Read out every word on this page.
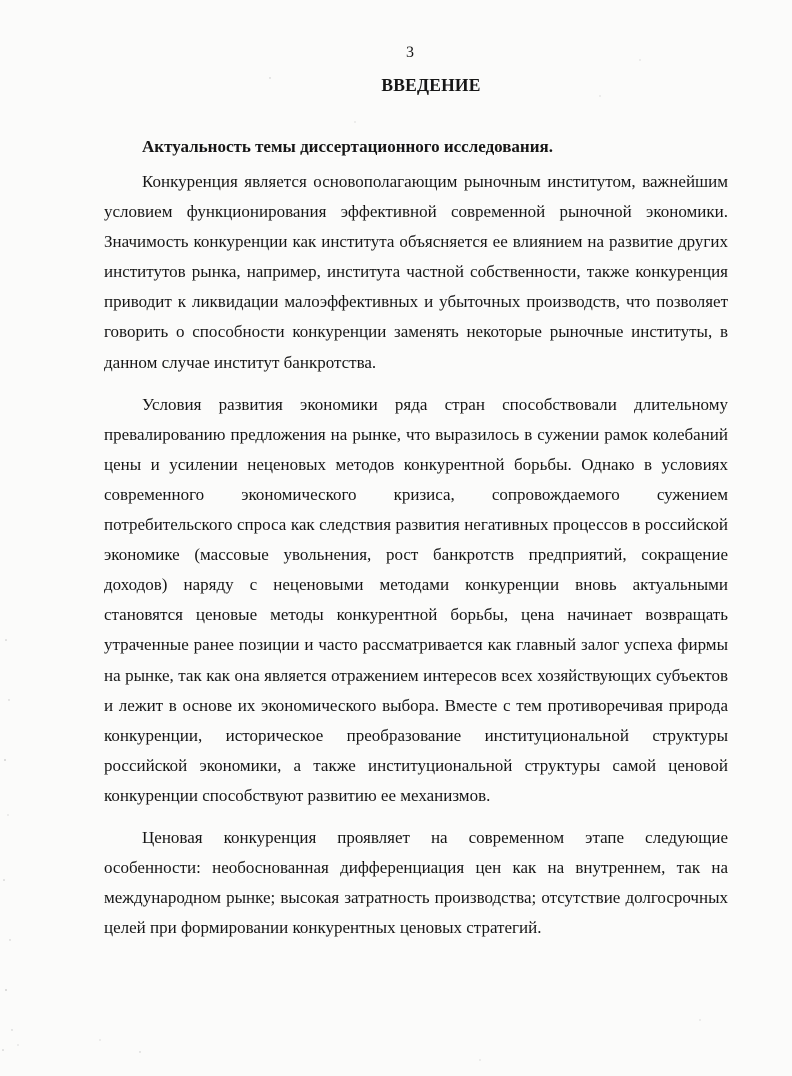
3
ВВЕДЕНИЕ
Актуальность темы диссертационного исследования.

Конкуренция является основополагающим рыночным институтом, важнейшим условием функционирования эффективной современной рыночной экономики. Значимость конкуренции как института объясняется ее влиянием на развитие других институтов рынка, например, института частной собственности, также конкуренция приводит к ликвидации малоэффективных и убыточных производств, что позволяет говорить о способности конкуренции заменять некоторые рыночные институты, в данном случае институт банкротства.

Условия развития экономики ряда стран способствовали длительному превалированию предложения на рынке, что выразилось в сужении рамок колебаний цены и усилении неценовых методов конкурентной борьбы. Однако в условиях современного экономического кризиса, сопровождаемого сужением потребительского спроса как следствия развития негативных процессов в российской экономике (массовые увольнения, рост банкротств предприятий, сокращение доходов) наряду с неценовыми методами конкуренции вновь актуальными становятся ценовые методы конкурентной борьбы, цена начинает возвращать утраченные ранее позиции и часто рассматривается как главный залог успеха фирмы на рынке, так как она является отражением интересов всех хозяйствующих субъектов и лежит в основе их экономического выбора. Вместе с тем противоречивая природа конкуренции, историческое преобразование институциональной структуры российской экономики, а также институциональной структуры самой ценовой конкуренции способствуют развитию ее механизмов.

Ценовая конкуренция проявляет на современном этапе следующие особенности: необоснованная дифференциация цен как на внутреннем, так на международном рынке; высокая затратность производства; отсутствие долгосрочных целей при формировании конкурентных ценовых стратегий.
